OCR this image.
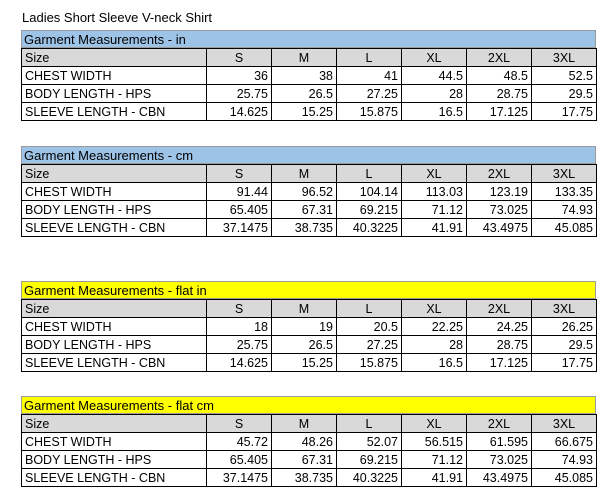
Ladies Short Sleeve V-neck Shirt
Garment Measurements - in
Size	S	M	L	XL	2XL	3XL
CHEST WIDTH	36	38	41	44.5	48.5	52.5
BODY LENGTH - HPS	25.75	26.5	27.25	28	28.75	29.5
SLEEVE LENGTH - CBN	14.625	15.25	15.875	16.5	17.125	17.75
Garment Measurements - cm
Size	S	M	L	XL	2XL	3XL
CHEST WIDTH	91.44	96.52	104.14	113.03	123.19	133.35
BODY LENGTH - HPS	65.405	67.31	69.215	71.12	73.025	74.93
SLEEVE LENGTH - CBN	37.1475	38.735	40.3225	41.91	43.4975	45.085
Garment Measurements - flat in
Size	S	M	L	XL	2XL	3XL
CHEST WIDTH	18	19	20.5	22.25	24.25	26.25
BODY LENGTH - HPS	25.75	26.5	27.25	28	28.75	29.5
SLEEVE LENGTH - CBN	14.625	15.25	15.875	16.5	17.125	17.75
Garment Measurements - flat cm
Size	S	M	L	XL	2XL	3XL
CHEST WIDTH	45.72	48.26	52.07	56.515	61.595	66.675
BODY LENGTH - HPS	65.405	67.31	69.215	71.12	73.025	74.93
SLEEVE LENGTH - CBN	37.1475	38.735	40.3225	41.91	43.4975	45.085
